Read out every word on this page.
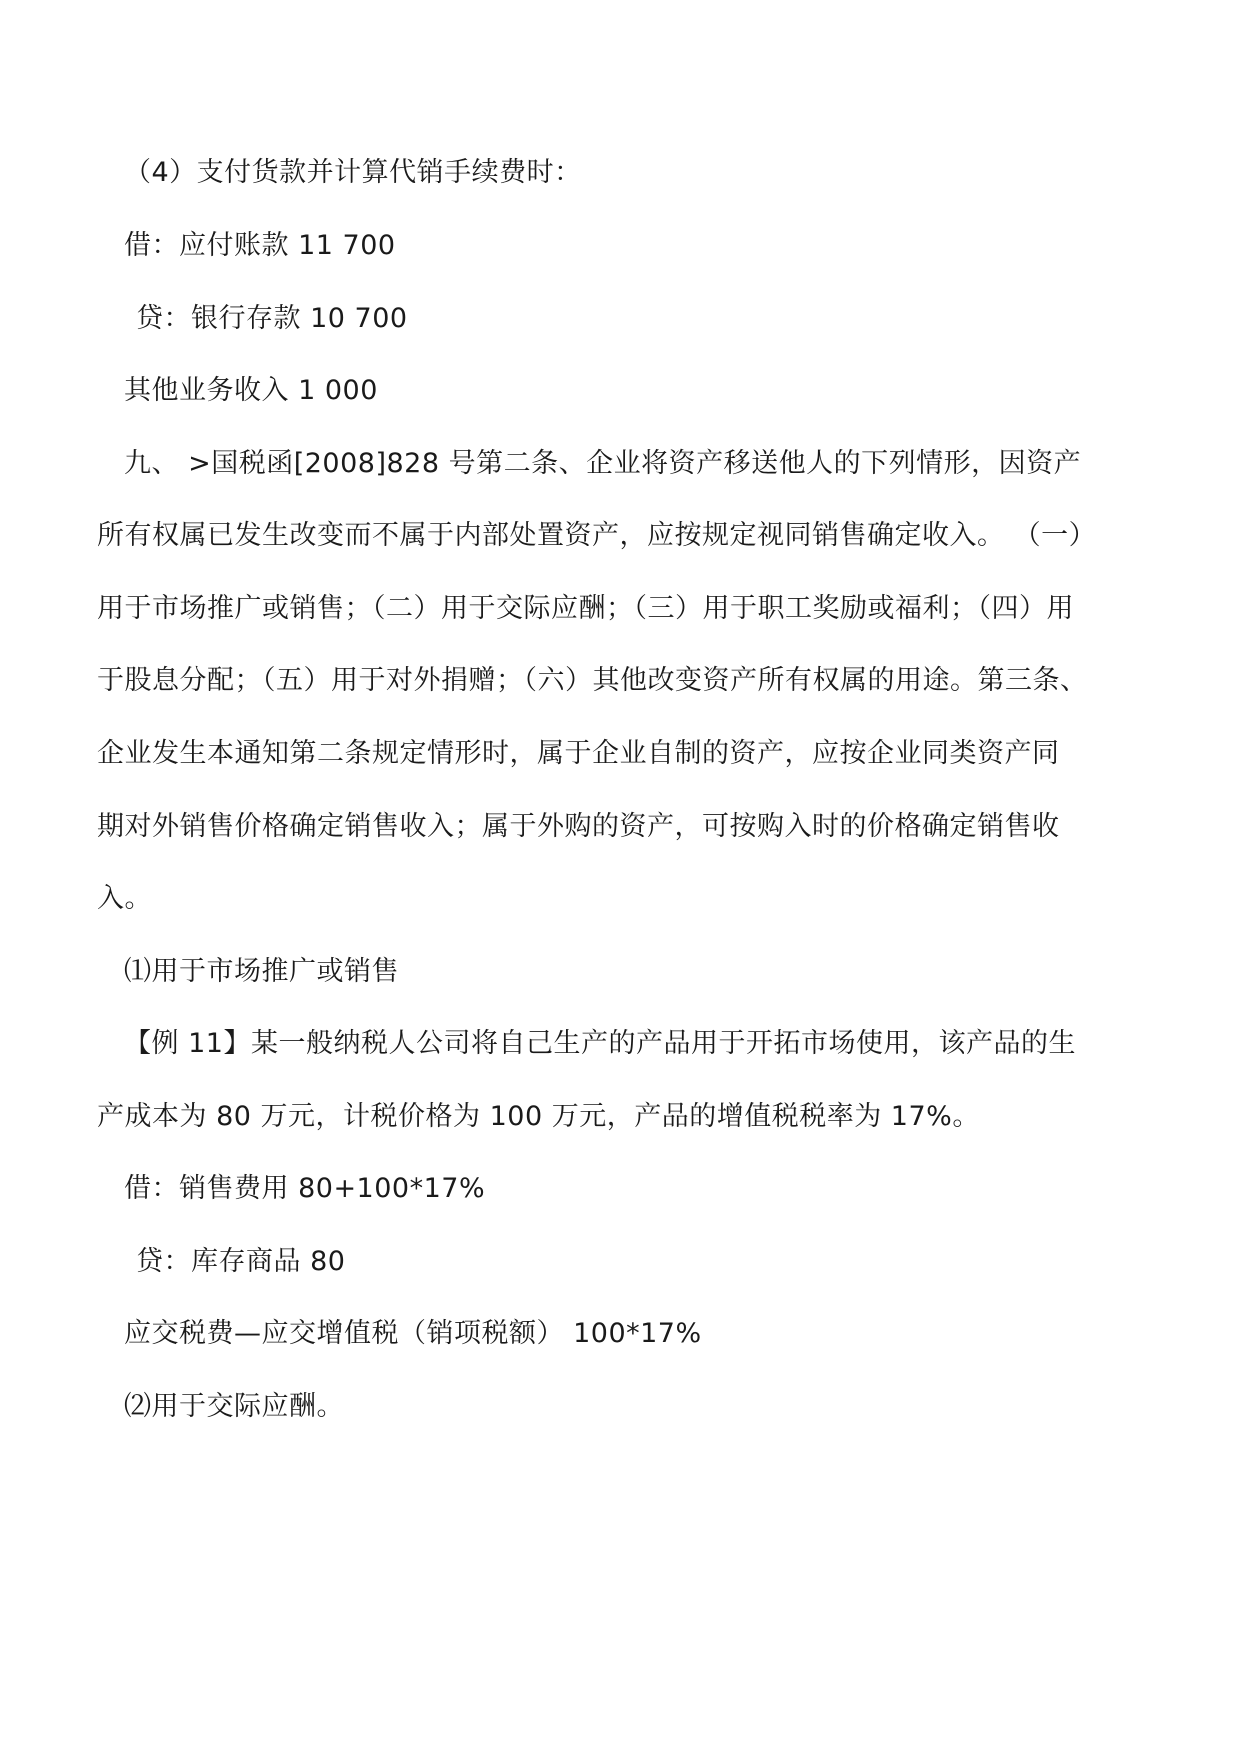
（4）支付货款并计算代销手续费时：
借：应付账款 11 700
贷：银行存款 10 700
其他业务收入 1 000
九、 >国税函[2008]828 号第二条、企业将资产移送他人的下列情形，因资产
所有权属已发生改变而不属于内部处置资产，应按规定视同销售确定收入。 （一）
用于市场推广或销售；（二）用于交际应酬；（三）用于职工奖励或福利；（四）用
于股息分配；（五）用于对外捐赠；（六）其他改变资产所有权属的用途。第三条、
企业发生本通知第二条规定情形时，属于企业自制的资产，应按企业同类资产同
期对外销售价格确定销售收入；属于外购的资产，可按购入时的价格确定销售收
入。
⑴用于市场推广或销售
【例 11】某一般纳税人公司将自己生产的产品用于开拓市场使用，该产品的生
产成本为 80 万元，计税价格为 100 万元，产品的增值税税率为 17%。
借：销售费用 80+100*17%
贷：库存商品 80
应交税费—应交增值税（销项税额） 100*17%
⑵用于交际应酬。
